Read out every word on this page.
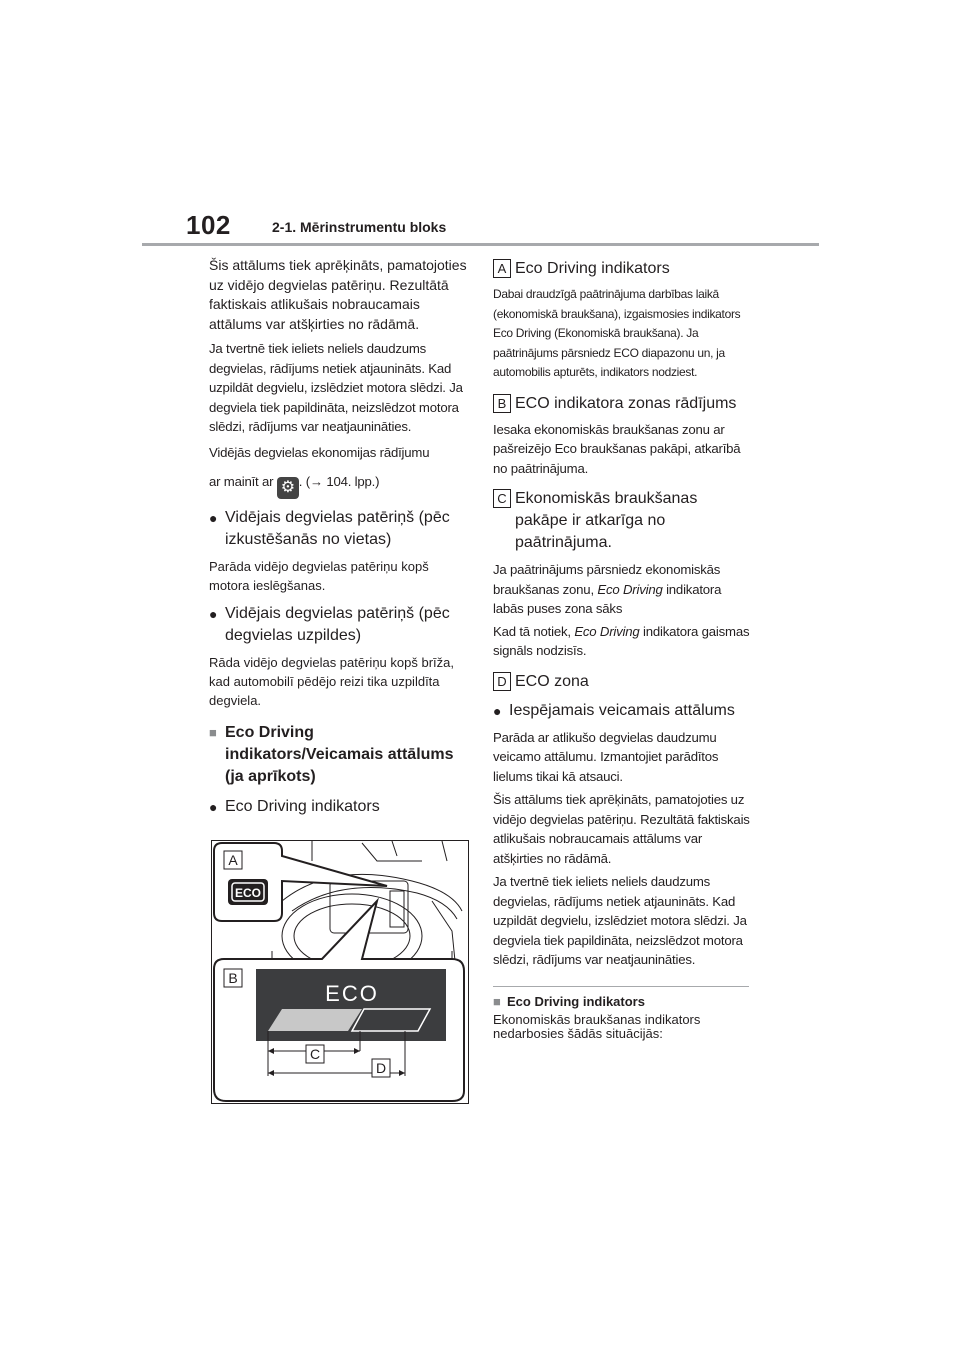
102	2-1. Mērinstrumentu bloks

Šis attālums tiek aprēķināts, pamatojoties uz vidējo degvielas patēriņu. Rezultātā faktiskais atlikušais nobraucamais attālums var atšķirties no rādāmā.

Ja tvertnē tiek ieliets neliels daudzums degvielas, rādījums netiek atjaunināts. Kad uzpildāt degvielu, izslēdziet motora slēdzi. Ja degviela tiek papildināta, neizslēdzot motora slēdzi, rādījums var neatjaunināties.

Vidējās degvielas ekonomijas rādījumu
ar mainīt ar ⚙ . (→ 104. lpp.)

● Vidējais degvielas patēriņš (pēc izkustēšanās no vietas)

Parāda vidējo degvielas patēriņu kopš motora ieslēgšanas.

● Vidējais degvielas patēriņš (pēc degvielas uzpildes)

Rāda vidējo degvielas patēriņu kopš brīža, kad automobilī pēdējo reizi tika uzpildīta degviela.

■ Eco Driving indikators/Veicamais attālums (ja aprīkots)
● Eco Driving indikators
A
ECO
B
ECO
C
D
A Eco Driving indikators

Dabai draudzīgā paātrinājuma darbības laikā (ekonomiskā braukšana), izgaismosies indikators Eco Driving (Ekonomiskā braukšana). Ja paātrinājums pārsniedz ECO diapazonu un, ja automobilis apturēts, indikators nodziest.

B ECO indikatora zonas rādījums

Iesaka ekonomiskās braukšanas zonu ar pašreizējo Eco braukšanas pakāpi, atkarībā no paātrinājuma.

C Ekonomiskās braukšanas pakāpe ir atkarīga no paātrinājuma.

Ja paātrinājums pārsniedz ekonomiskās braukšanas zonu, Eco Driving indikatora labās puses zona sāks

Kad tā notiek, Eco Driving indikatora gaismas signāls nodzisīs.

D ECO zona
● Iespējamais veicamais attālums

Parāda ar atlikušo degvielas daudzumu veicamo attālumu. Izmantojiet parādītos lielums tikai kā atsauci.

Šis attālums tiek aprēķināts, pamatojoties uz vidējo degvielas patēriņu. Rezultātā faktiskais atlikušais nobraucamais attālums var atšķirties no rādāmā.

Ja tvertnē tiek ieliets neliels daudzums degvielas, rādījums netiek atjaunināts. Kad uzpildāt degvielu, izslēdziet motora slēdzi. Ja degviela tiek papildināta, neizslēdzot motora slēdzi, rādījums var neatjaunināties.

■ Eco Driving indikators

Ekonomiskās braukšanas indikators nedarbosies šādās situācijās:
